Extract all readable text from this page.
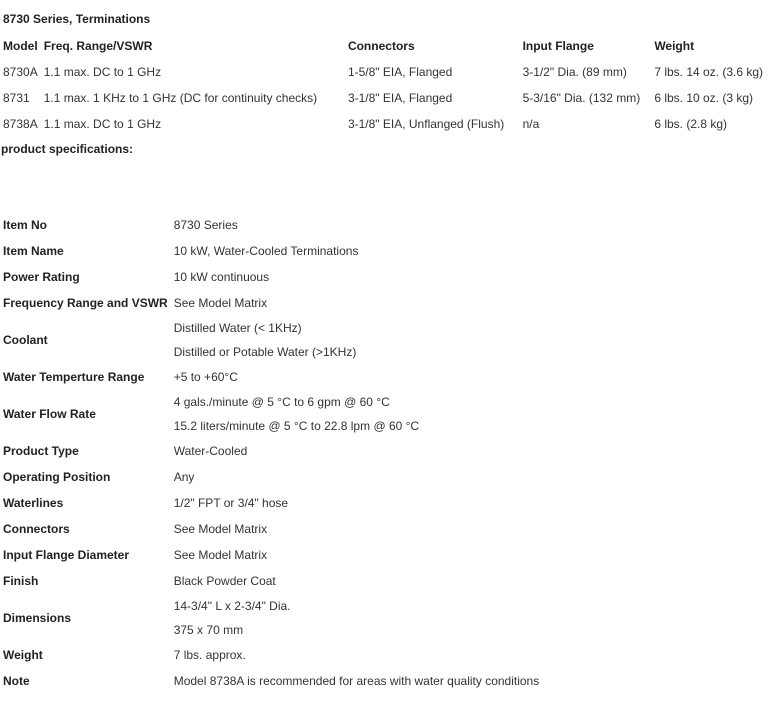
8730 Series, Terminations
Model	Freq. Range/VSWR	Connectors	Input Flange	Weight
8730A	1.1 max. DC to 1 GHz	1-5/8" EIA, Flanged	3-1/2" Dia. (89 mm)	7 lbs. 14 oz. (3.6 kg)
8731	1.1 max. 1 KHz to 1 GHz (DC for continuity checks)	3-1/8" EIA, Flanged	5-3/16" Dia. (132 mm)	6 lbs. 10 oz. (3 kg)
8738A	1.1 max. DC to 1 GHz	3-1/8" EIA, Unflanged (Flush)	n/a	6 lbs. (2.8 kg)
product specifications:
Item No	8730 Series

Item Name	10 kW, Water-Cooled Terminations

Power Rating	10 kW continuous

Frequency Range and VSWR	See Model Matrix

Coolant	Distilled Water (< 1KHz)
Distilled or Potable Water (>1KHz)

Water Temperture Range	+5 to +60°C

Water Flow Rate	4 gals./minute @ 5 °C to 6 gpm @ 60 °C
15.2 liters/minute @ 5 °C to 22.8 lpm @ 60 °C

Product Type	Water-Cooled

Operating Position	Any

Waterlines	1/2" FPT or 3/4" hose

Connectors	See Model Matrix

Input Flange Diameter	See Model Matrix

Finish	Black Powder Coat

Dimensions	14-3/4" L x 2-3/4" Dia.
375 x 70 mm

Weight	7 lbs. approx.

Note	Model 8738A is recommended for areas with water quality conditions
